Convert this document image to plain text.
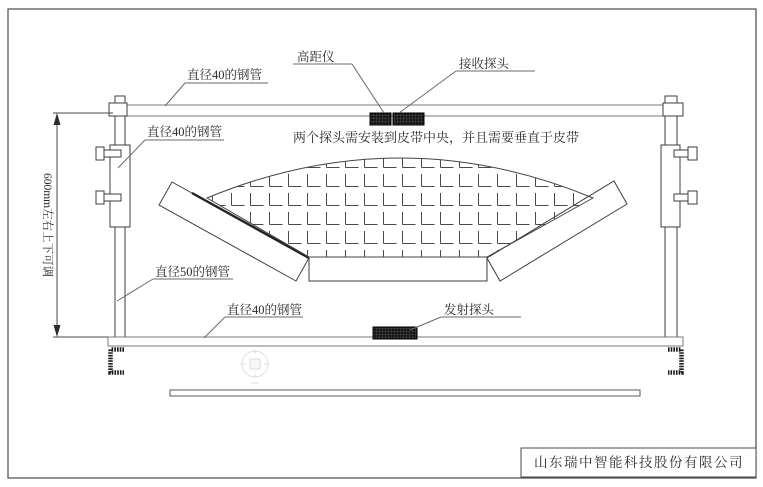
600mm左右上下可调
直径40的钢管
高距仪	接收探头
直径40的钢管
直径50的钢管
直径40的钢管	发射探头
两个探头需安装到皮带中央，并且需要垂直于皮带
山东瑞中智能科技股份有限公司
